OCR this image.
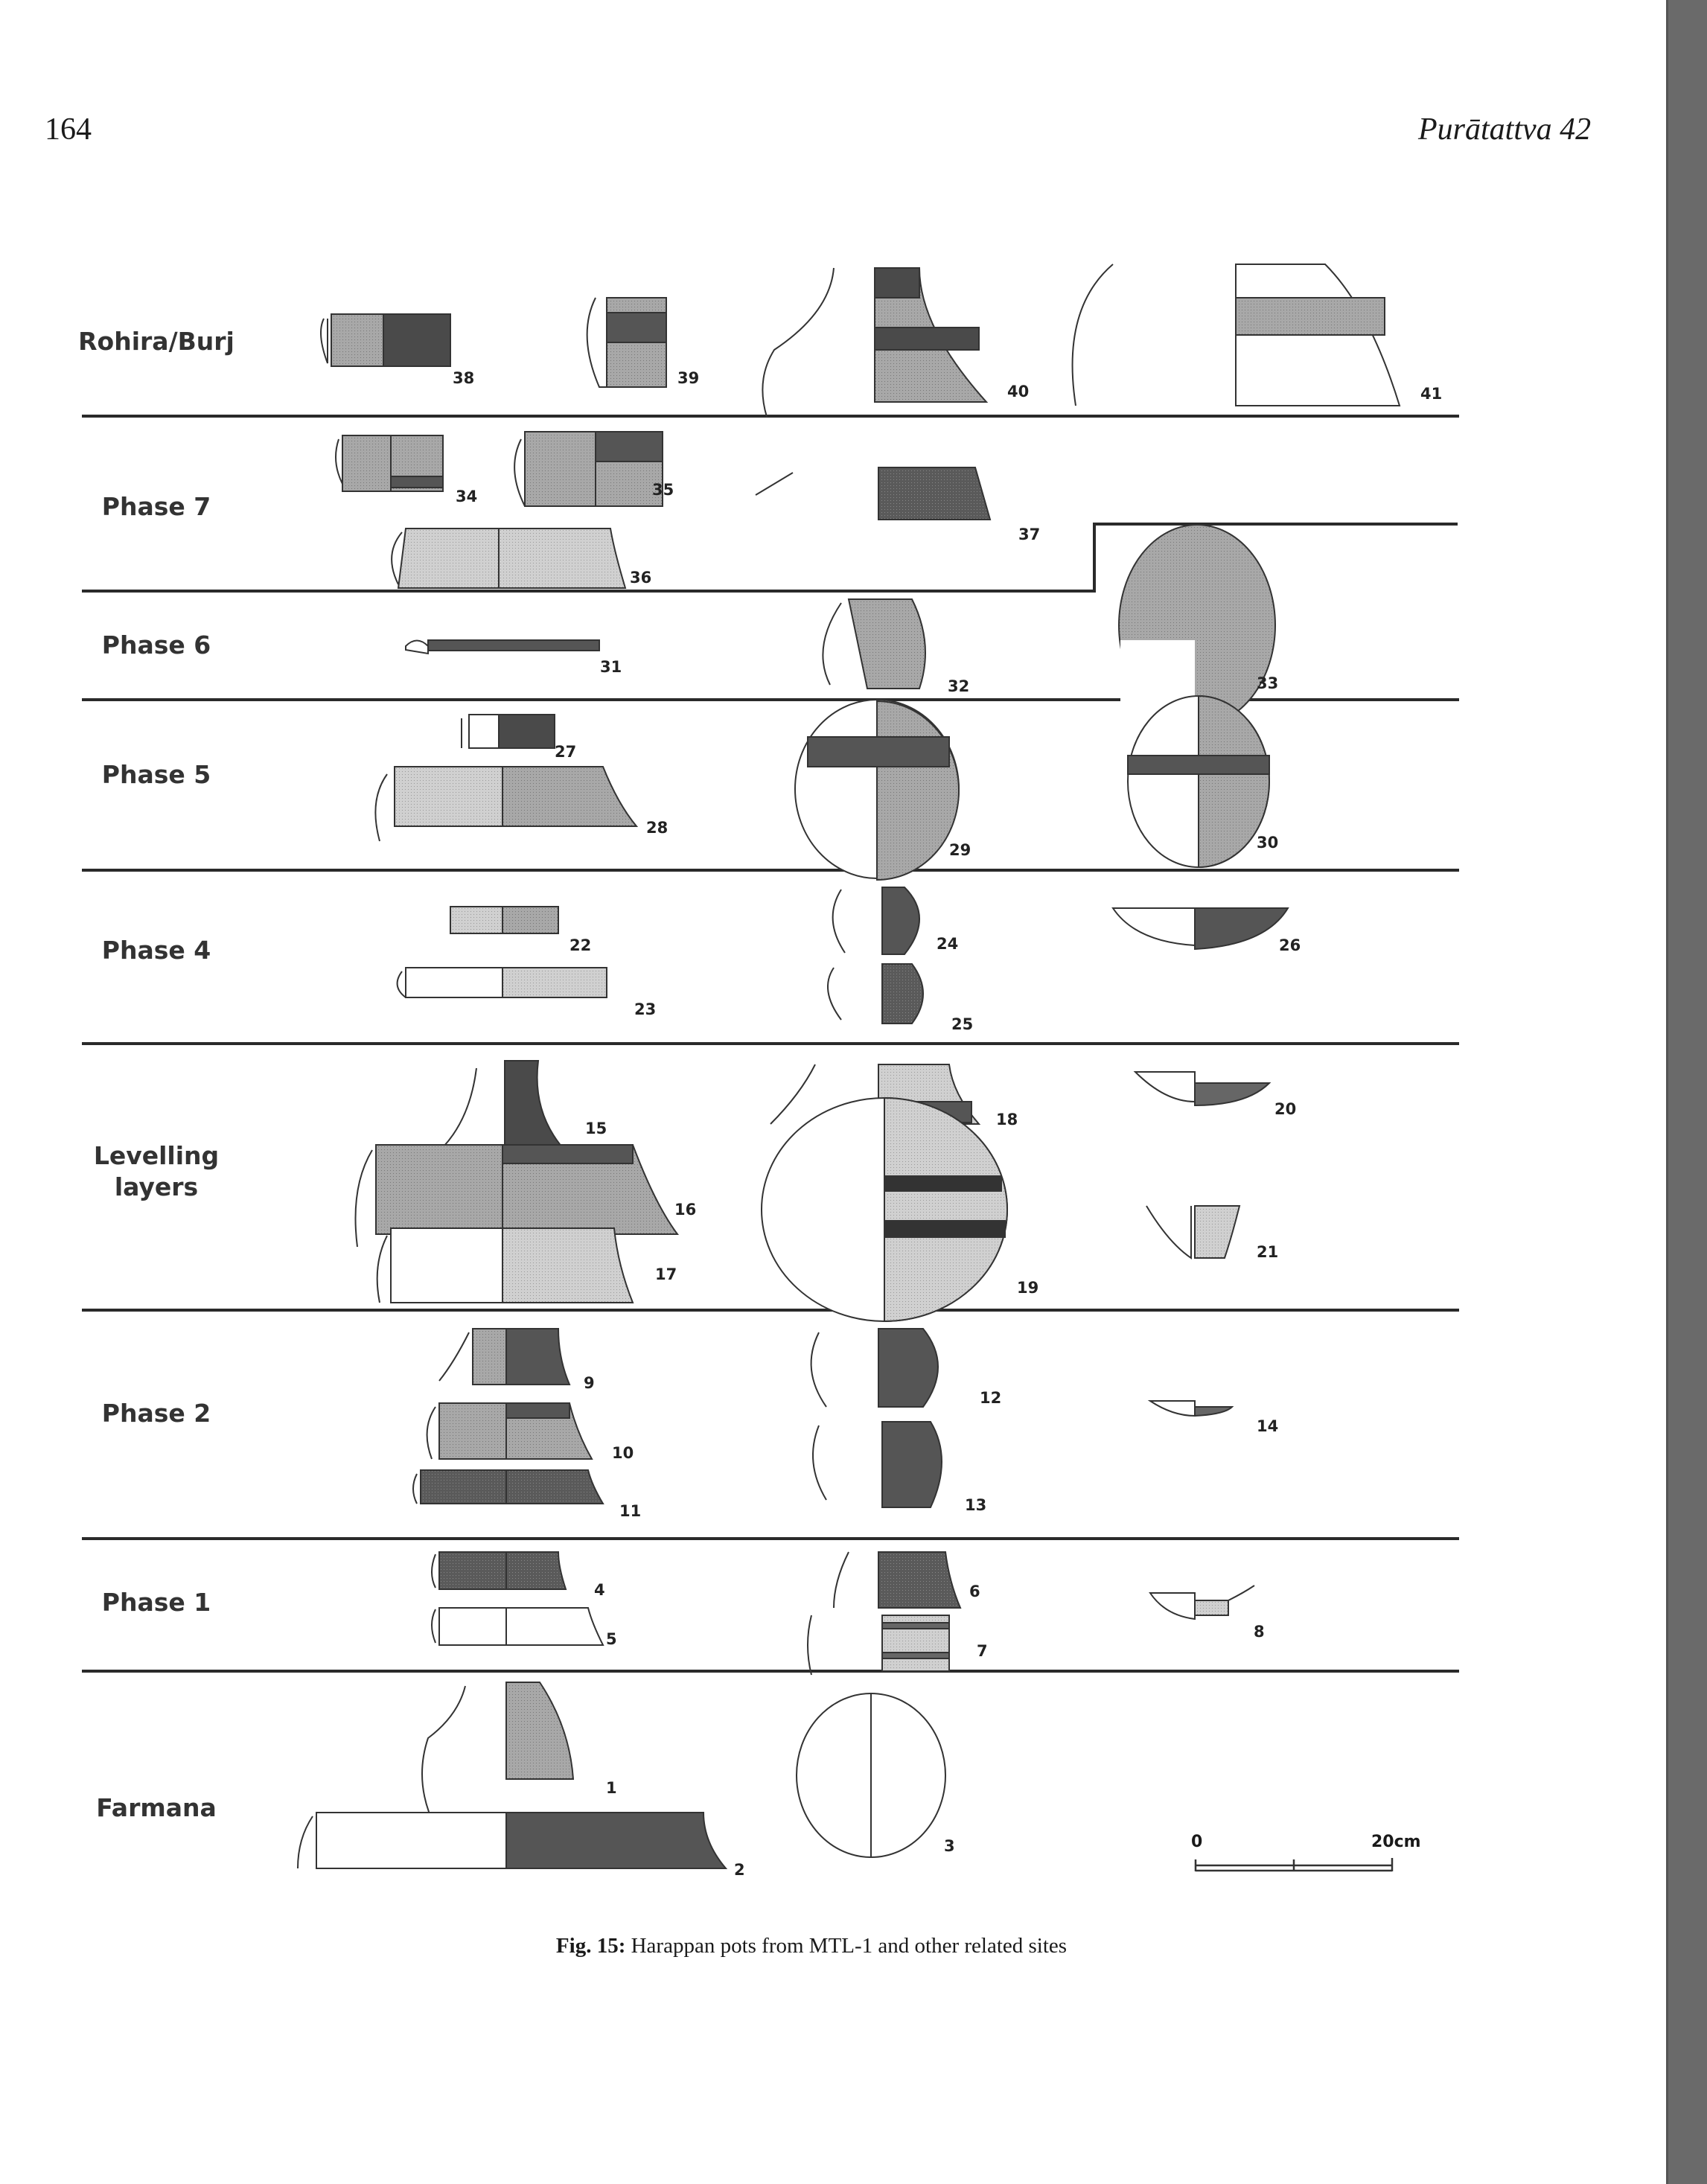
164	Purātattva 42
Rohira/Burj
Phase 7
Phase 6
Phase 5
Phase 4
Levelling
layers
Phase 2
Phase 1
Farmana
38	39
40	41
34	35
36
37
31
32	33
27
28
29	30
22
23
24
25
26
15
16
17
18
19
20
21
9
10
11
12
13
14
4
5
6
7
8
1
2
3	0	20cm
Fig. 15: Harappan pots from MTL-1 and other related sites
